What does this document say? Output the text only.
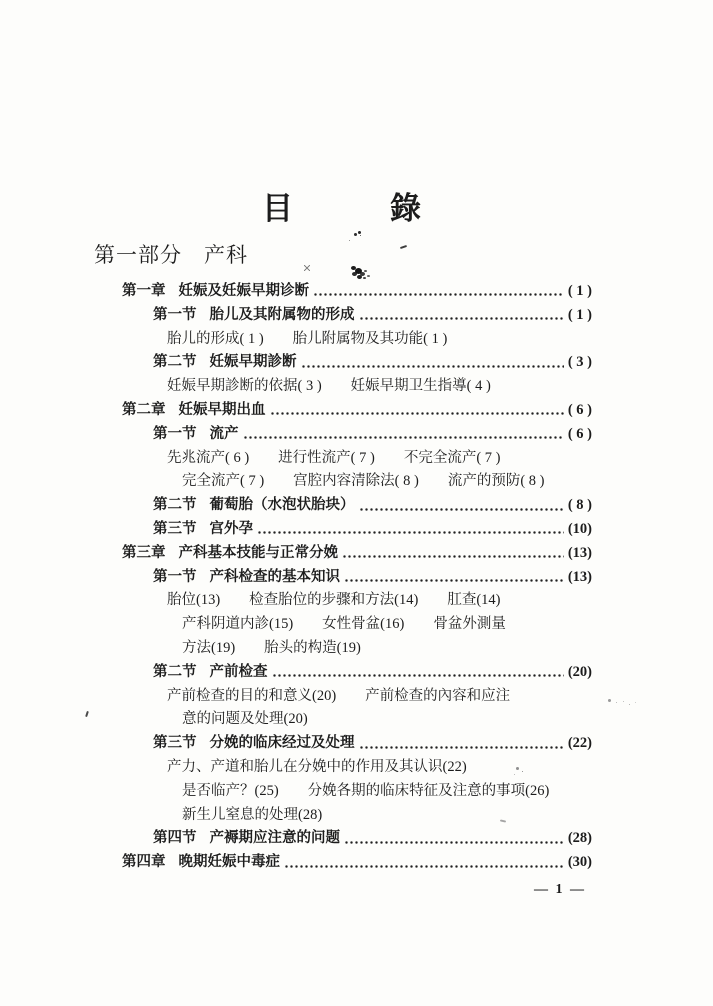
目　　　錄
第一部分　产科
第一章 妊娠及妊娠早期诊断	( 1 )
第一节 胎儿及其附属物的形成	( 1 )
胎儿的形成( 1 )　　胎儿附属物及其功能( 1 )
第二节 妊娠早期診断	( 3 )
妊娠早期診断的依据( 3 )　　妊娠早期卫生指導( 4 )
第二章 妊娠早期出血	( 6 )
第一节 流产	( 6 )
先兆流产( 6 )　　进行性流产( 7 )　　不完全流产( 7 )
完全流产( 7 )　　宫腔内容清除法( 8 )　　流产的预防( 8 )
第二节 葡萄胎（水泡状胎块）	( 8 )
第三节 宫外孕	(10)
第三章 产科基本技能与正常分娩	(13)
第一节 产科检查的基本知识	(13)
胎位(13)　　检查胎位的步骤和方法(14)　　肛查(14)
产科阴道内診(15)　　女性骨盆(16)　　骨盆外測量
方法(19)　　胎头的构造(19)
第二节 产前检查	(20)
产前检查的目的和意义(20)　　产前检查的內容和应注
意的问题及处理(20)
第三节 分娩的临床经过及处理	(22)
产力、产道和胎儿在分娩中的作用及其认识(22)
是否临产？(25)　　分娩各期的临床特征及注意的事项(26)
新生儿窒息的处理(28)
第四节 产褥期应注意的问题	(28)
第四章 晚期妊娠中毒症	(30)
— 1 —
